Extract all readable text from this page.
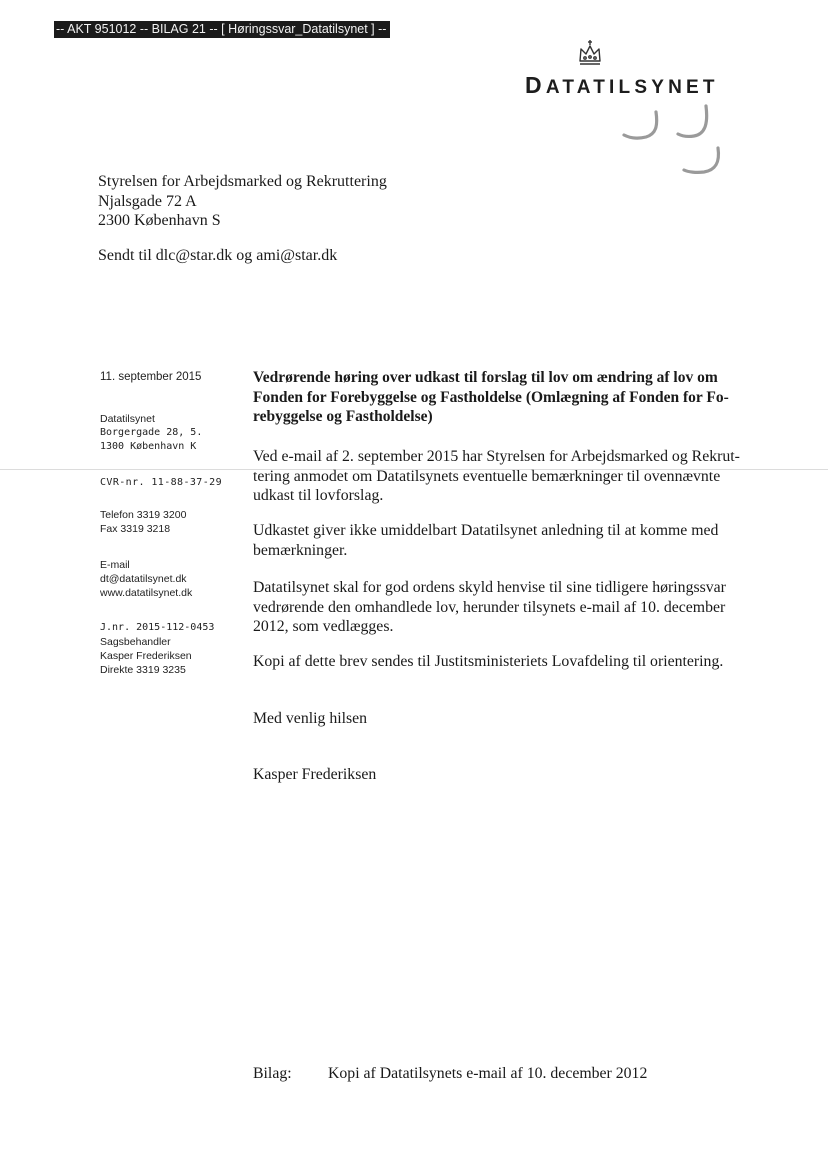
-- AKT 951012 -- BILAG 21 -- [ Høringssvar_Datatilsynet ] --
DATATILSYNET
Styrelsen for Arbejdsmarked og Rekruttering
Njalsgade 72 A
2300 København S
Sendt til dlc@star.dk og ami@star.dk
11. september 2015
Datatilsynet
Borgergade 28, 5.
1300 København K
CVR-nr. 11-88-37-29
Telefon 3319 3200
Fax 3319 3218
E-mail
dt@datatilsynet.dk
www.datatilsynet.dk
J.nr. 2015-112-0453
Sagsbehandler
Kasper Frederiksen
Direkte 3319 3235
Vedrørende høring over udkast til forslag til lov om ændring af lov om
Fonden for Forebyggelse og Fastholdelse (Omlægning af Fonden for Fo-
rebyggelse og Fastholdelse)
Ved e-mail af 2. september 2015 har Styrelsen for Arbejdsmarked og Rekrut-
tering anmodet om Datatilsynets eventuelle bemærkninger til ovennævnte
udkast til lovforslag.
Udkastet giver ikke umiddelbart Datatilsynet anledning til at komme med
bemærkninger.
Datatilsynet skal for god ordens skyld henvise til sine tidligere høringssvar
vedrørende den omhandlede lov, herunder tilsynets e-mail af 10. december
2012, som vedlægges.
Kopi af dette brev sendes til Justitsministeriets Lovafdeling til orientering.
Med venlig hilsen
Kasper Frederiksen
Bilag: Kopi af Datatilsynets e-mail af 10. december 2012
